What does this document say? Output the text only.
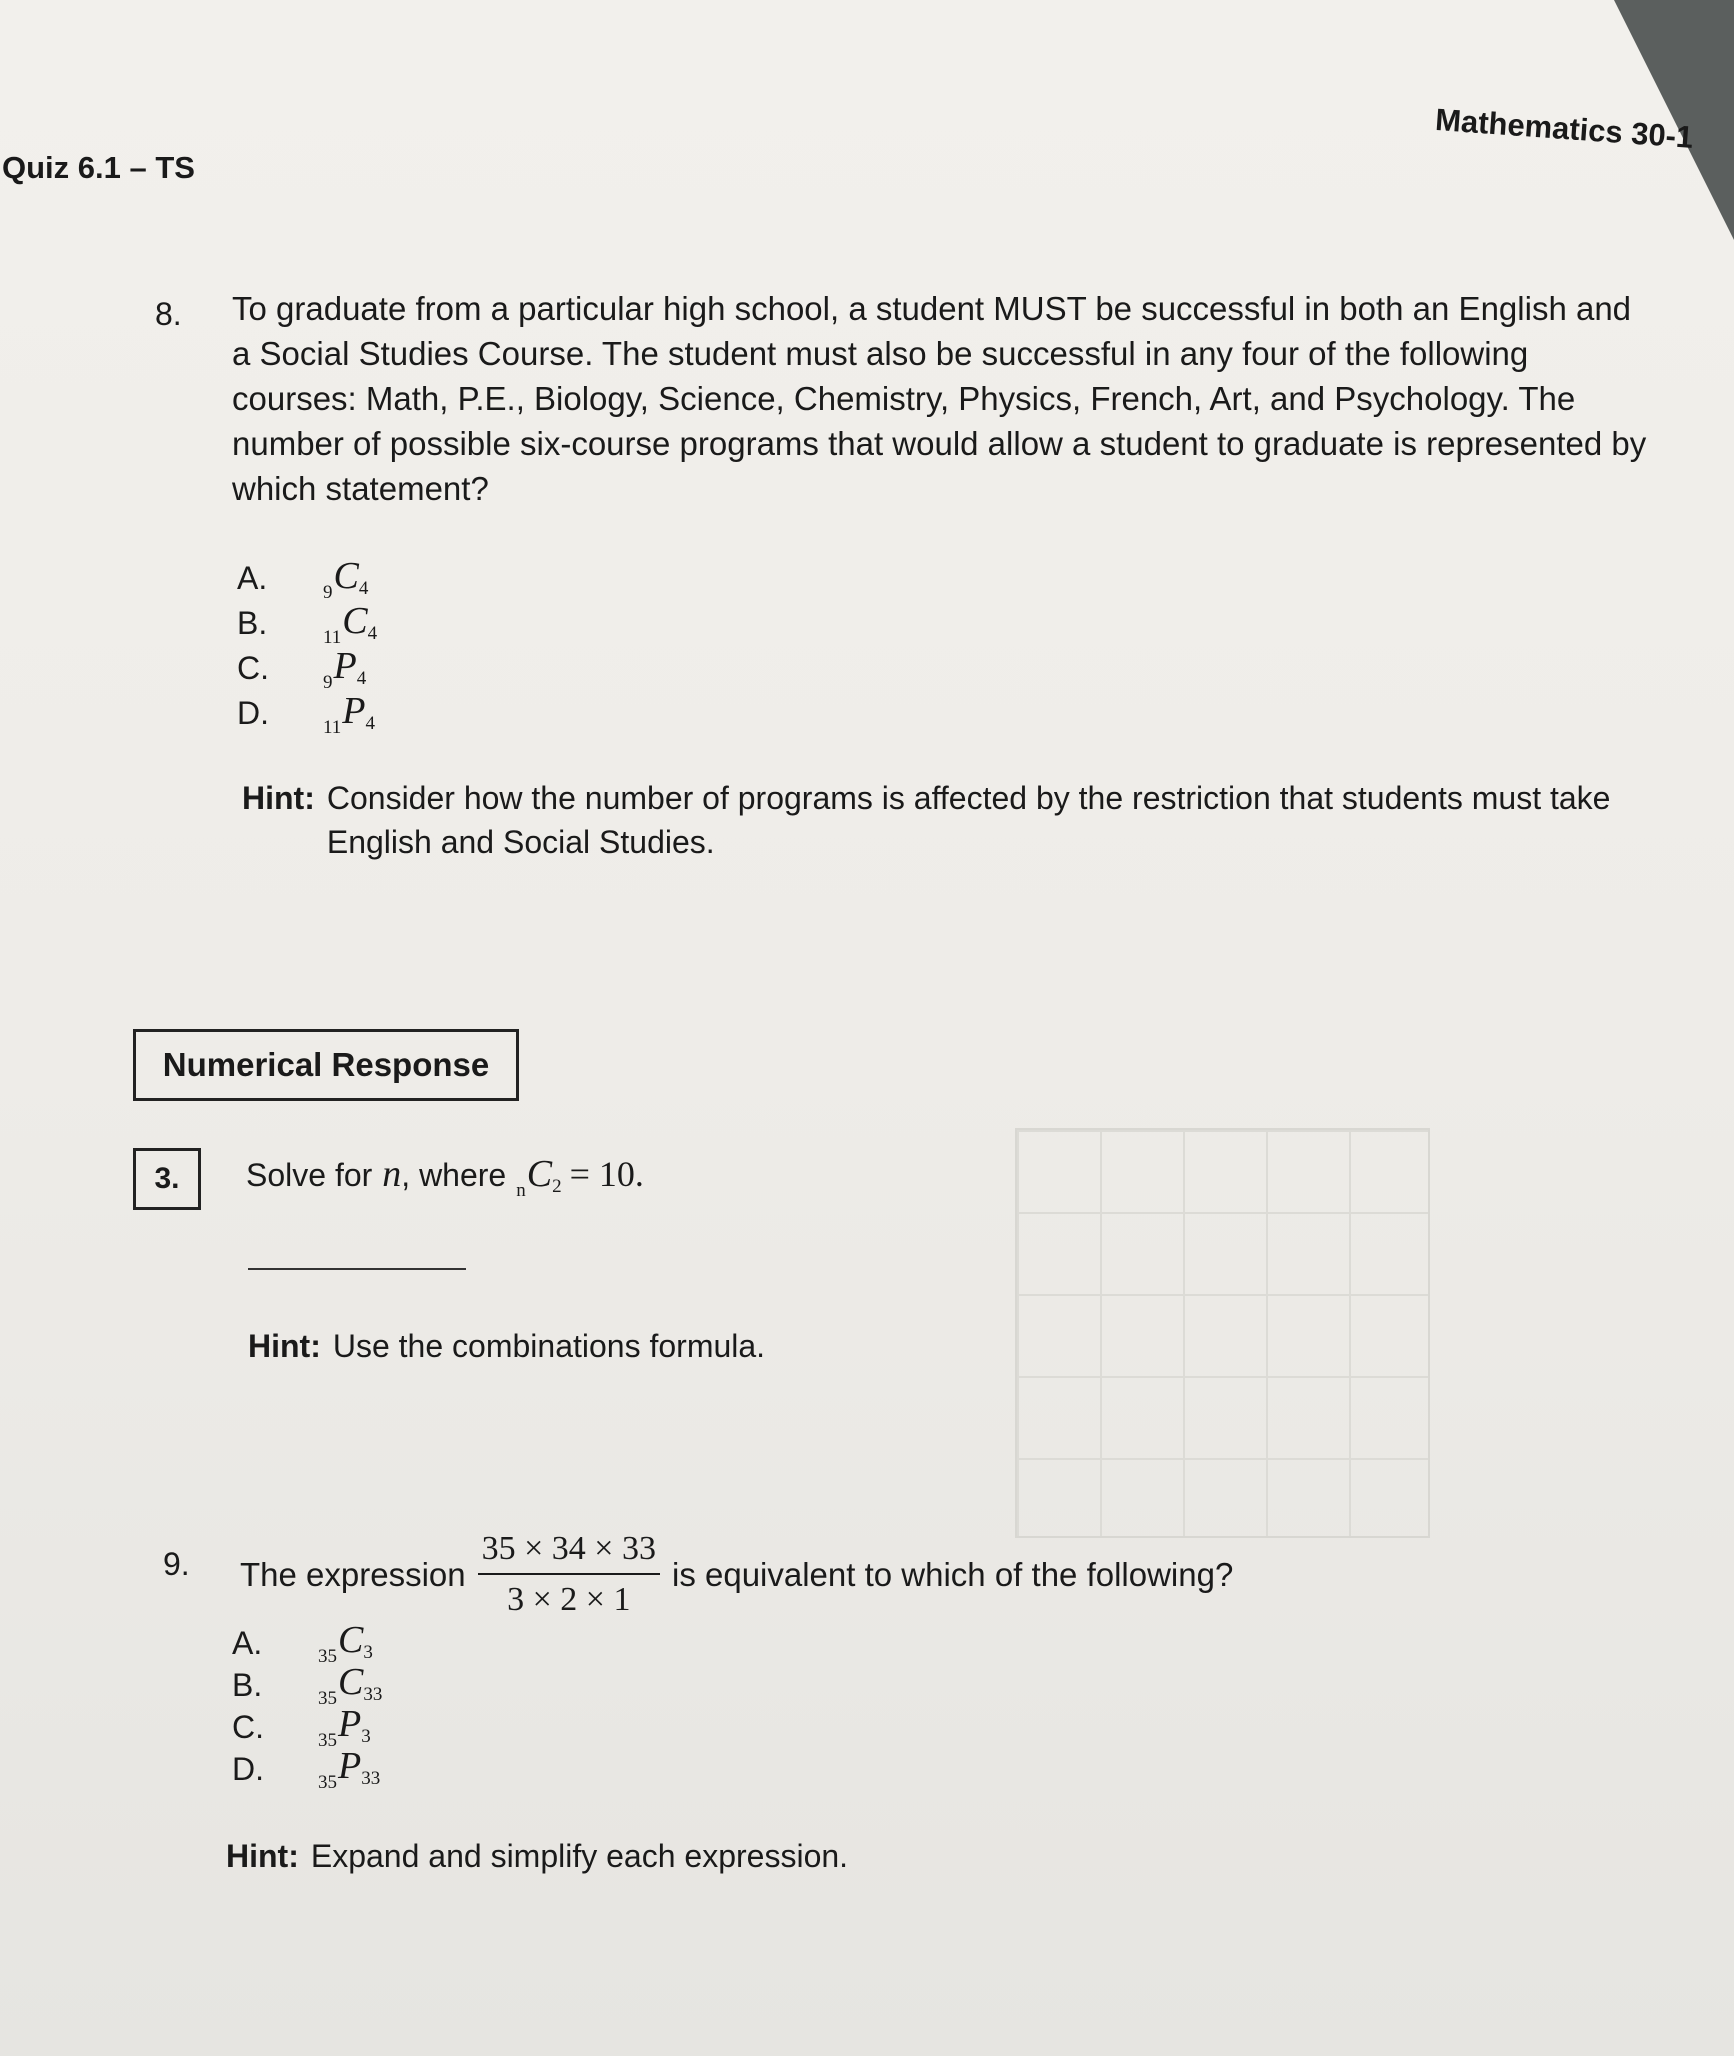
Quiz 6.1 – TS
Mathematics 30-1
8. To graduate from a particular high school, a student MUST be successful in both an English and a Social Studies Course. The student must also be successful in any four of the following courses: Math, P.E., Biology, Science, Chemistry, Physics, French, Art, and Psychology. The number of possible six-course programs that would allow a student to graduate is represented by which statement?
A.	$_9C_4$
B.	$_{11}C_4$
C.	$_9P_4$
D.	$_{11}P_4$
Hint: Consider how the number of programs is affected by the restriction that students must take English and Social Studies.
Numerical Response
3.	Solve for n , where $_nC_2 = 10$.
Hint: Use the combinations formula.
9. The expression $\frac{35 \times 34 \times 33}{3 \times 2 \times 1}$ is equivalent to which of the following?
A.	$_{35}C_3$
B.	$_{35}C_{33}$
C.	$_{35}P_3$
D.	$_{35}P_{33}$
Hint: Expand and simplify each expression.
